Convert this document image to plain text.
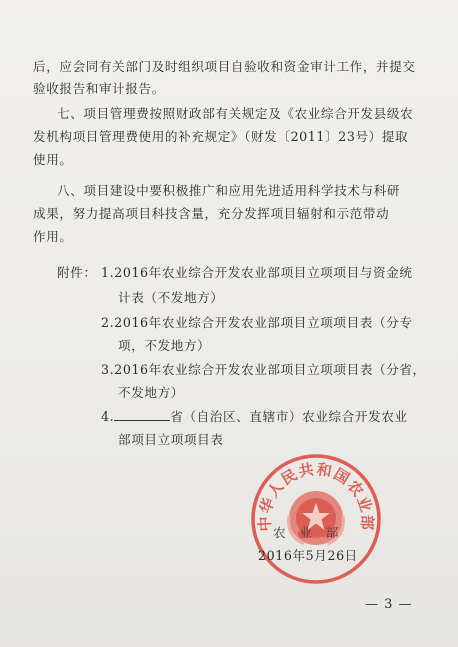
后，应会同有关部门及时组织项目自验收和资金审计工作，并提交
验收报告和审计报告。
七、项目管理费按照财政部有关规定及《农业综合开发县级农
发机构项目管理费使用的补充规定》（财发〔2011〕23号）提取
使用。
八、项目建设中要积极推广和应用先进适用科学技术与科研
成果，努力提高项目科技含量，充分发挥项目辐射和示范带动
作用。
附件： 1.2016年农业综合开发农业部项目立项项目与资金统
计表（不发地方）
2.2016年农业综合开发农业部项目立项项目表（分专
项，不发地方）
3.2016年农业综合开发农业部项目立项项目表（分省，
不发地方）
4.	省（自治区、直辖市）农业综合开发农业
部项目立项项目表
中华人民共和国农业部
农　业　部
2016年5月26日
— 3 —
